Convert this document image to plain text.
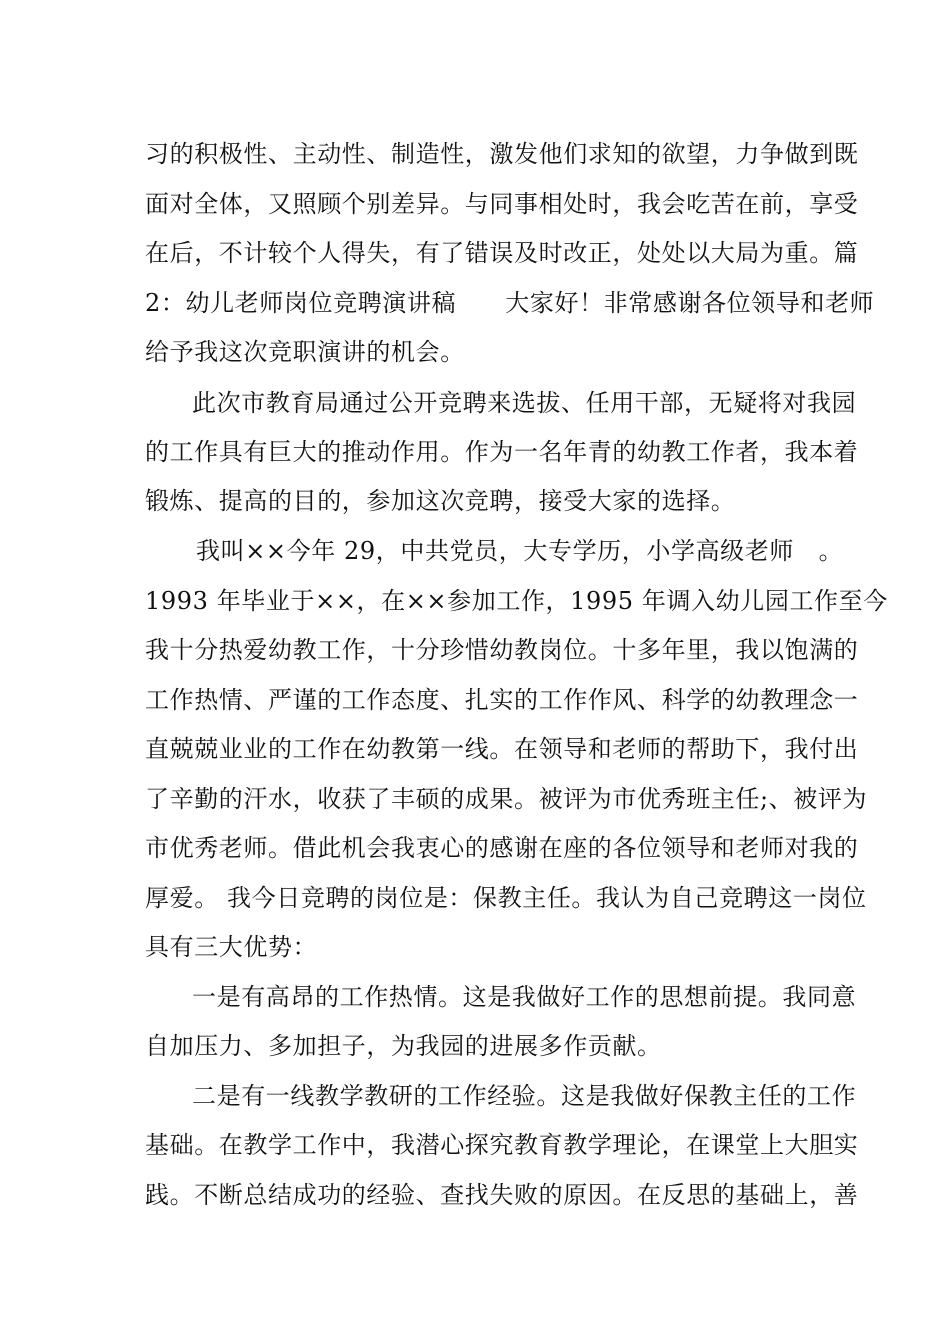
习的积极性、主动性、制造性，激发他们求知的欲望，力争做到既
面对全体，又照顾个别差异。与同事相处时，我会吃苦在前，享受
在后，不计较个人得失，有了错误及时改正，处处以大局为重。篇
2：幼儿老师岗位竞聘演讲稿　　大家好！非常感谢各位领导和老师
给予我这次竞职演讲的机会。
此次市教育局通过公开竞聘来选拔、任用干部，无疑将对我园
的工作具有巨大的推动作用。作为一名年青的幼教工作者，我本着
锻炼、提高的目的，参加这次竞聘，接受大家的选择。
我叫××今年 29，中共党员，大专学历，小学高级老师　。
1993 年毕业于××，在××参加工作，1995 年调入幼儿园工作至今
我十分热爱幼教工作，十分珍惜幼教岗位。十多年里，我以饱满的
工作热情、严谨的工作态度、扎实的工作作风、科学的幼教理念一
直兢兢业业的工作在幼教第一线。在领导和老师的帮助下，我付出
了辛勤的汗水，收获了丰硕的成果。被评为市优秀班主任;、被评为
市优秀老师。借此机会我衷心的感谢在座的各位领导和老师对我的
厚爱。 我今日竞聘的岗位是：保教主任。我认为自己竞聘这一岗位
具有三大优势：
一是有高昂的工作热情。这是我做好工作的思想前提。我同意
自加压力、多加担子，为我园的进展多作贡献。
二是有一线教学教研的工作经验。这是我做好保教主任的工作
基础。在教学工作中，我潜心探究教育教学理论，在课堂上大胆实
践。不断总结成功的经验、查找失败的原因。在反思的基础上，善
